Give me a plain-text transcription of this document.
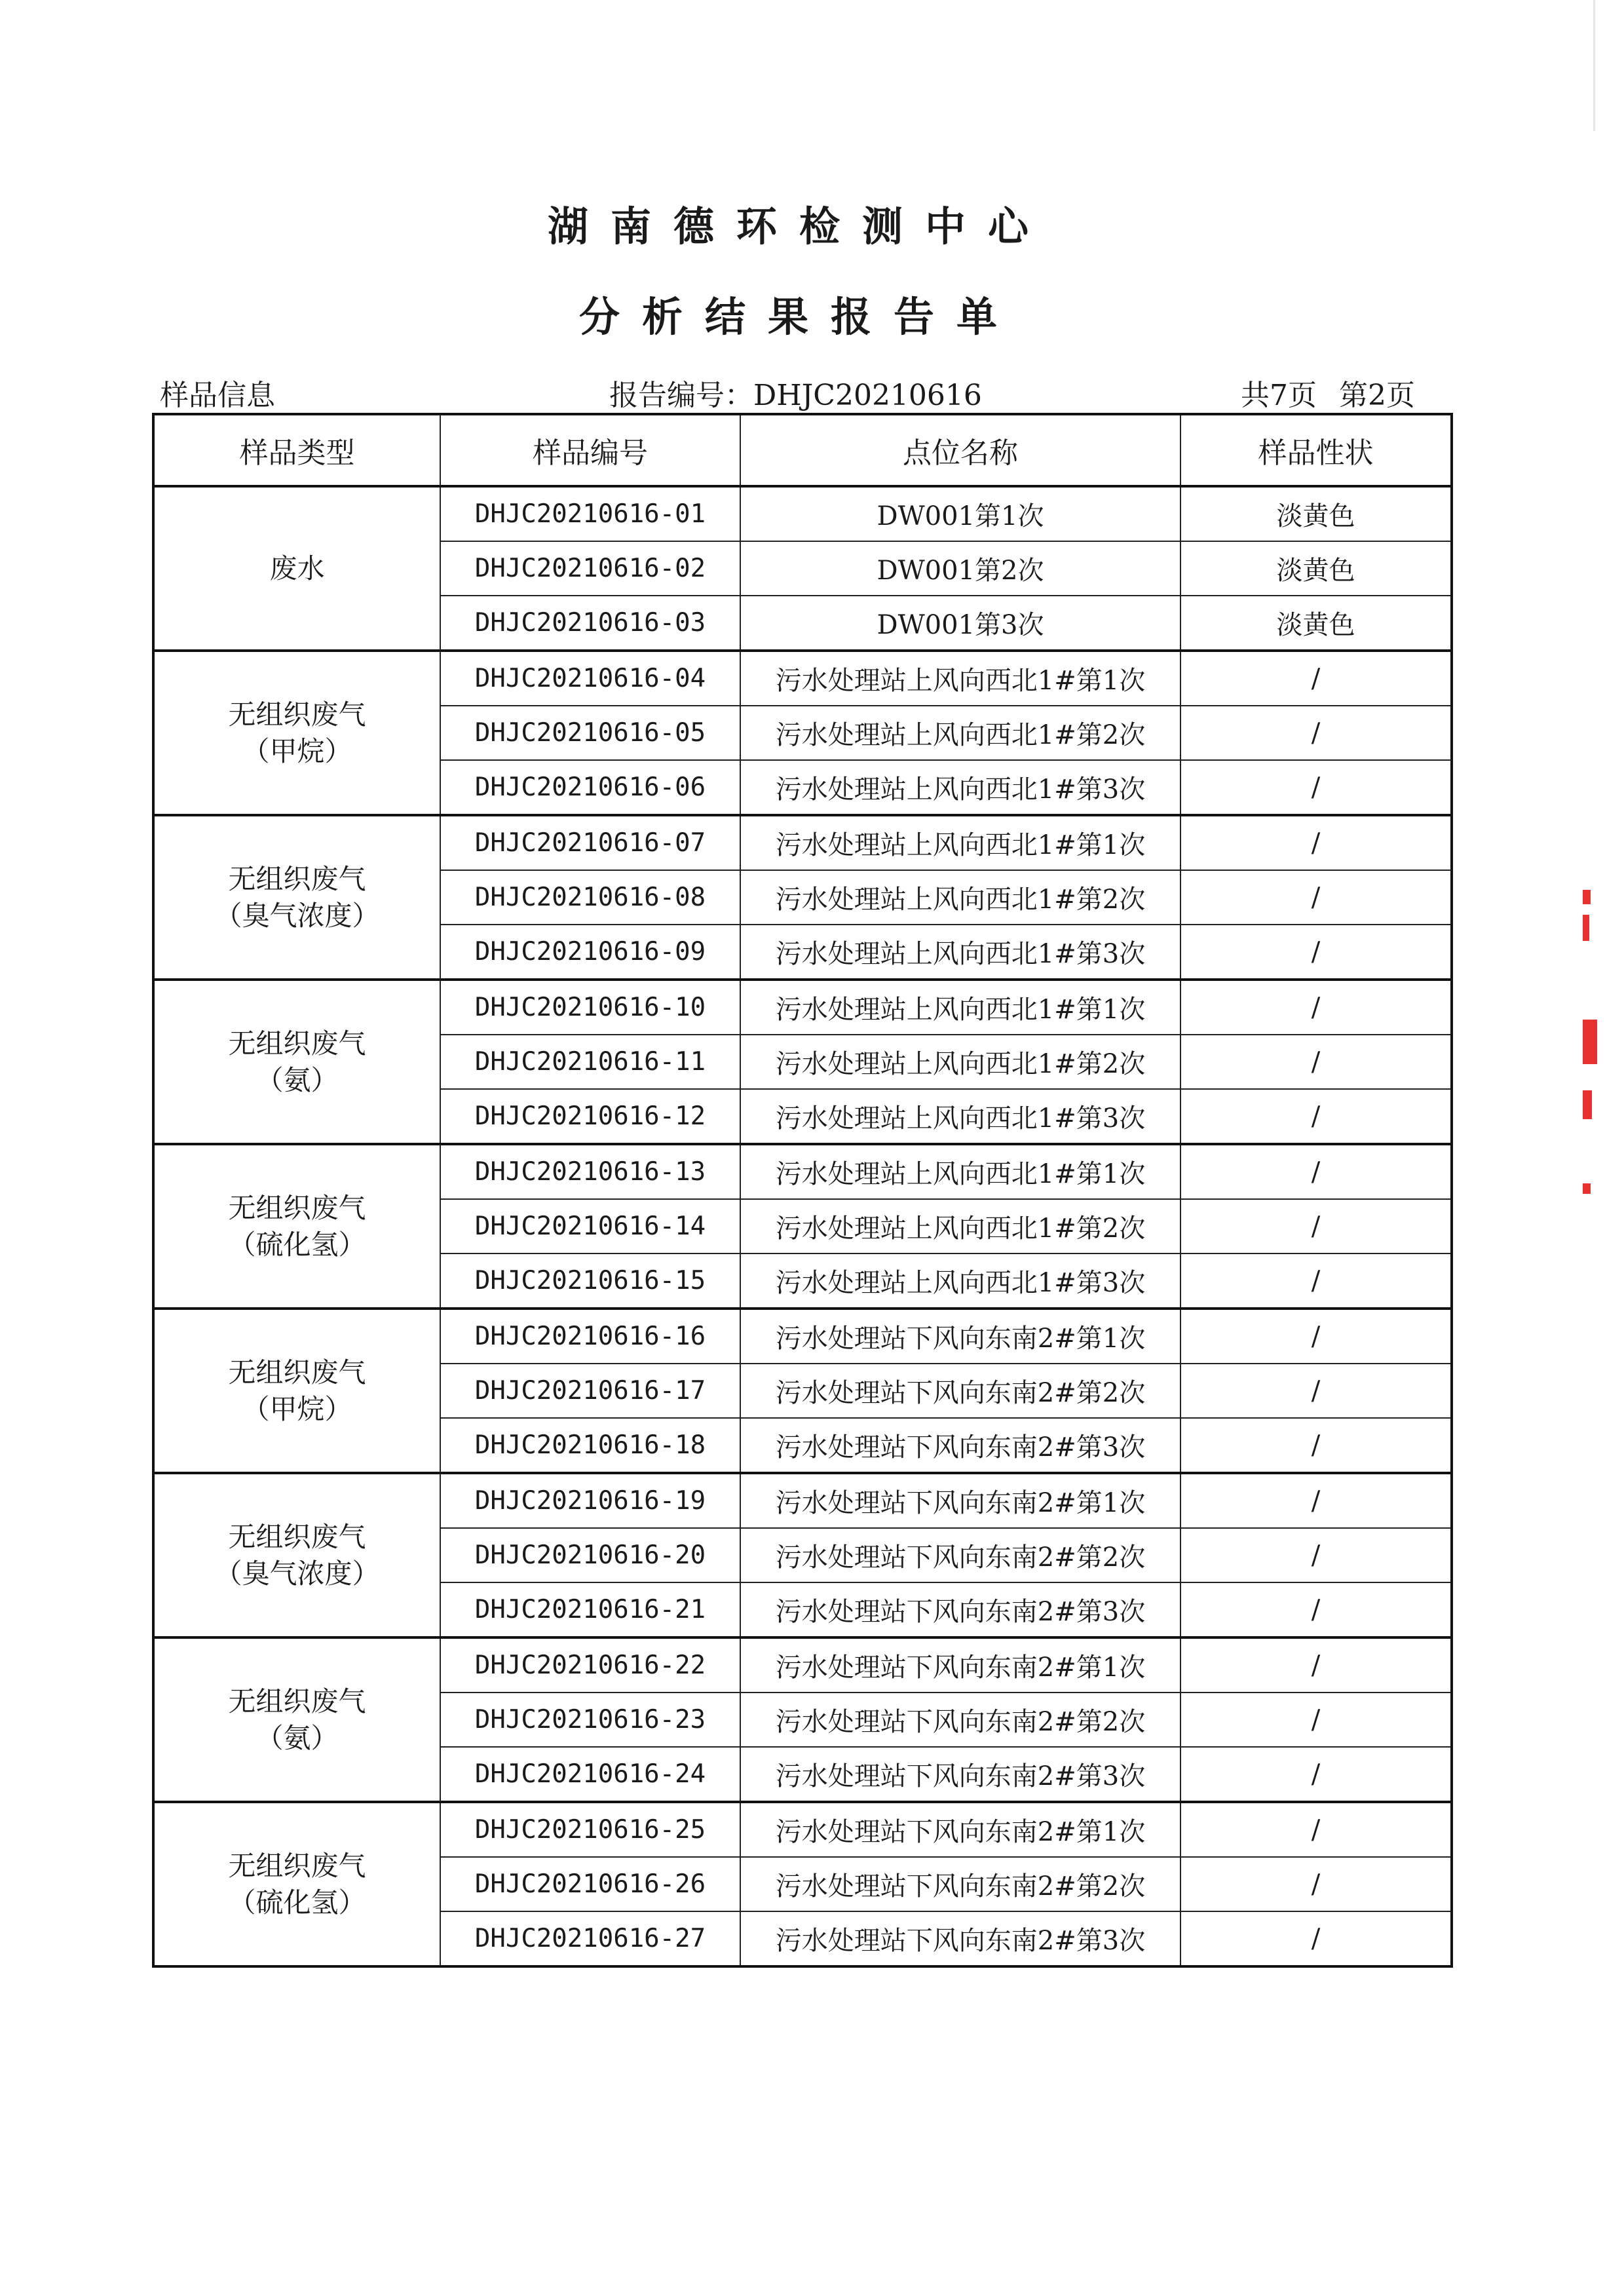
湖南德环检测中心
分析结果报告单
样品信息	报告编号：DHJC20210616	共7页 第2页
样品类型	样品编号	点位名称	样品性状

废水	DHJC20210616-01	DW001第1次	淡黄色
	DHJC20210616-02	DW001第2次	淡黄色
	DHJC20210616-03	DW001第3次	淡黄色

无组织废气
（甲烷）	DHJC20210616-04	污水处理站上风向西北1#第1次	/
	DHJC20210616-05	污水处理站上风向西北1#第2次	/
	DHJC20210616-06	污水处理站上风向西北1#第3次	/

无组织废气
（臭气浓度）	DHJC20210616-07	污水处理站上风向西北1#第1次	/
	DHJC20210616-08	污水处理站上风向西北1#第2次	/
	DHJC20210616-09	污水处理站上风向西北1#第3次	/

无组织废气
（氨）	DHJC20210616-10	污水处理站上风向西北1#第1次	/
	DHJC20210616-11	污水处理站上风向西北1#第2次	/
	DHJC20210616-12	污水处理站上风向西北1#第3次	/

无组织废气
（硫化氢）	DHJC20210616-13	污水处理站上风向西北1#第1次	/
	DHJC20210616-14	污水处理站上风向西北1#第2次	/
	DHJC20210616-15	污水处理站上风向西北1#第3次	/

无组织废气
（甲烷）	DHJC20210616-16	污水处理站下风向东南2#第1次	/
	DHJC20210616-17	污水处理站下风向东南2#第2次	/
	DHJC20210616-18	污水处理站下风向东南2#第3次	/

无组织废气
（臭气浓度）	DHJC20210616-19	污水处理站下风向东南2#第1次	/
	DHJC20210616-20	污水处理站下风向东南2#第2次	/
	DHJC20210616-21	污水处理站下风向东南2#第3次	/

无组织废气
（氨）	DHJC20210616-22	污水处理站下风向东南2#第1次	/
	DHJC20210616-23	污水处理站下风向东南2#第2次	/
	DHJC20210616-24	污水处理站下风向东南2#第3次	/

无组织废气
（硫化氢）	DHJC20210616-25	污水处理站下风向东南2#第1次	/
	DHJC20210616-26	污水处理站下风向东南2#第2次	/
	DHJC20210616-27	污水处理站下风向东南2#第3次	/
